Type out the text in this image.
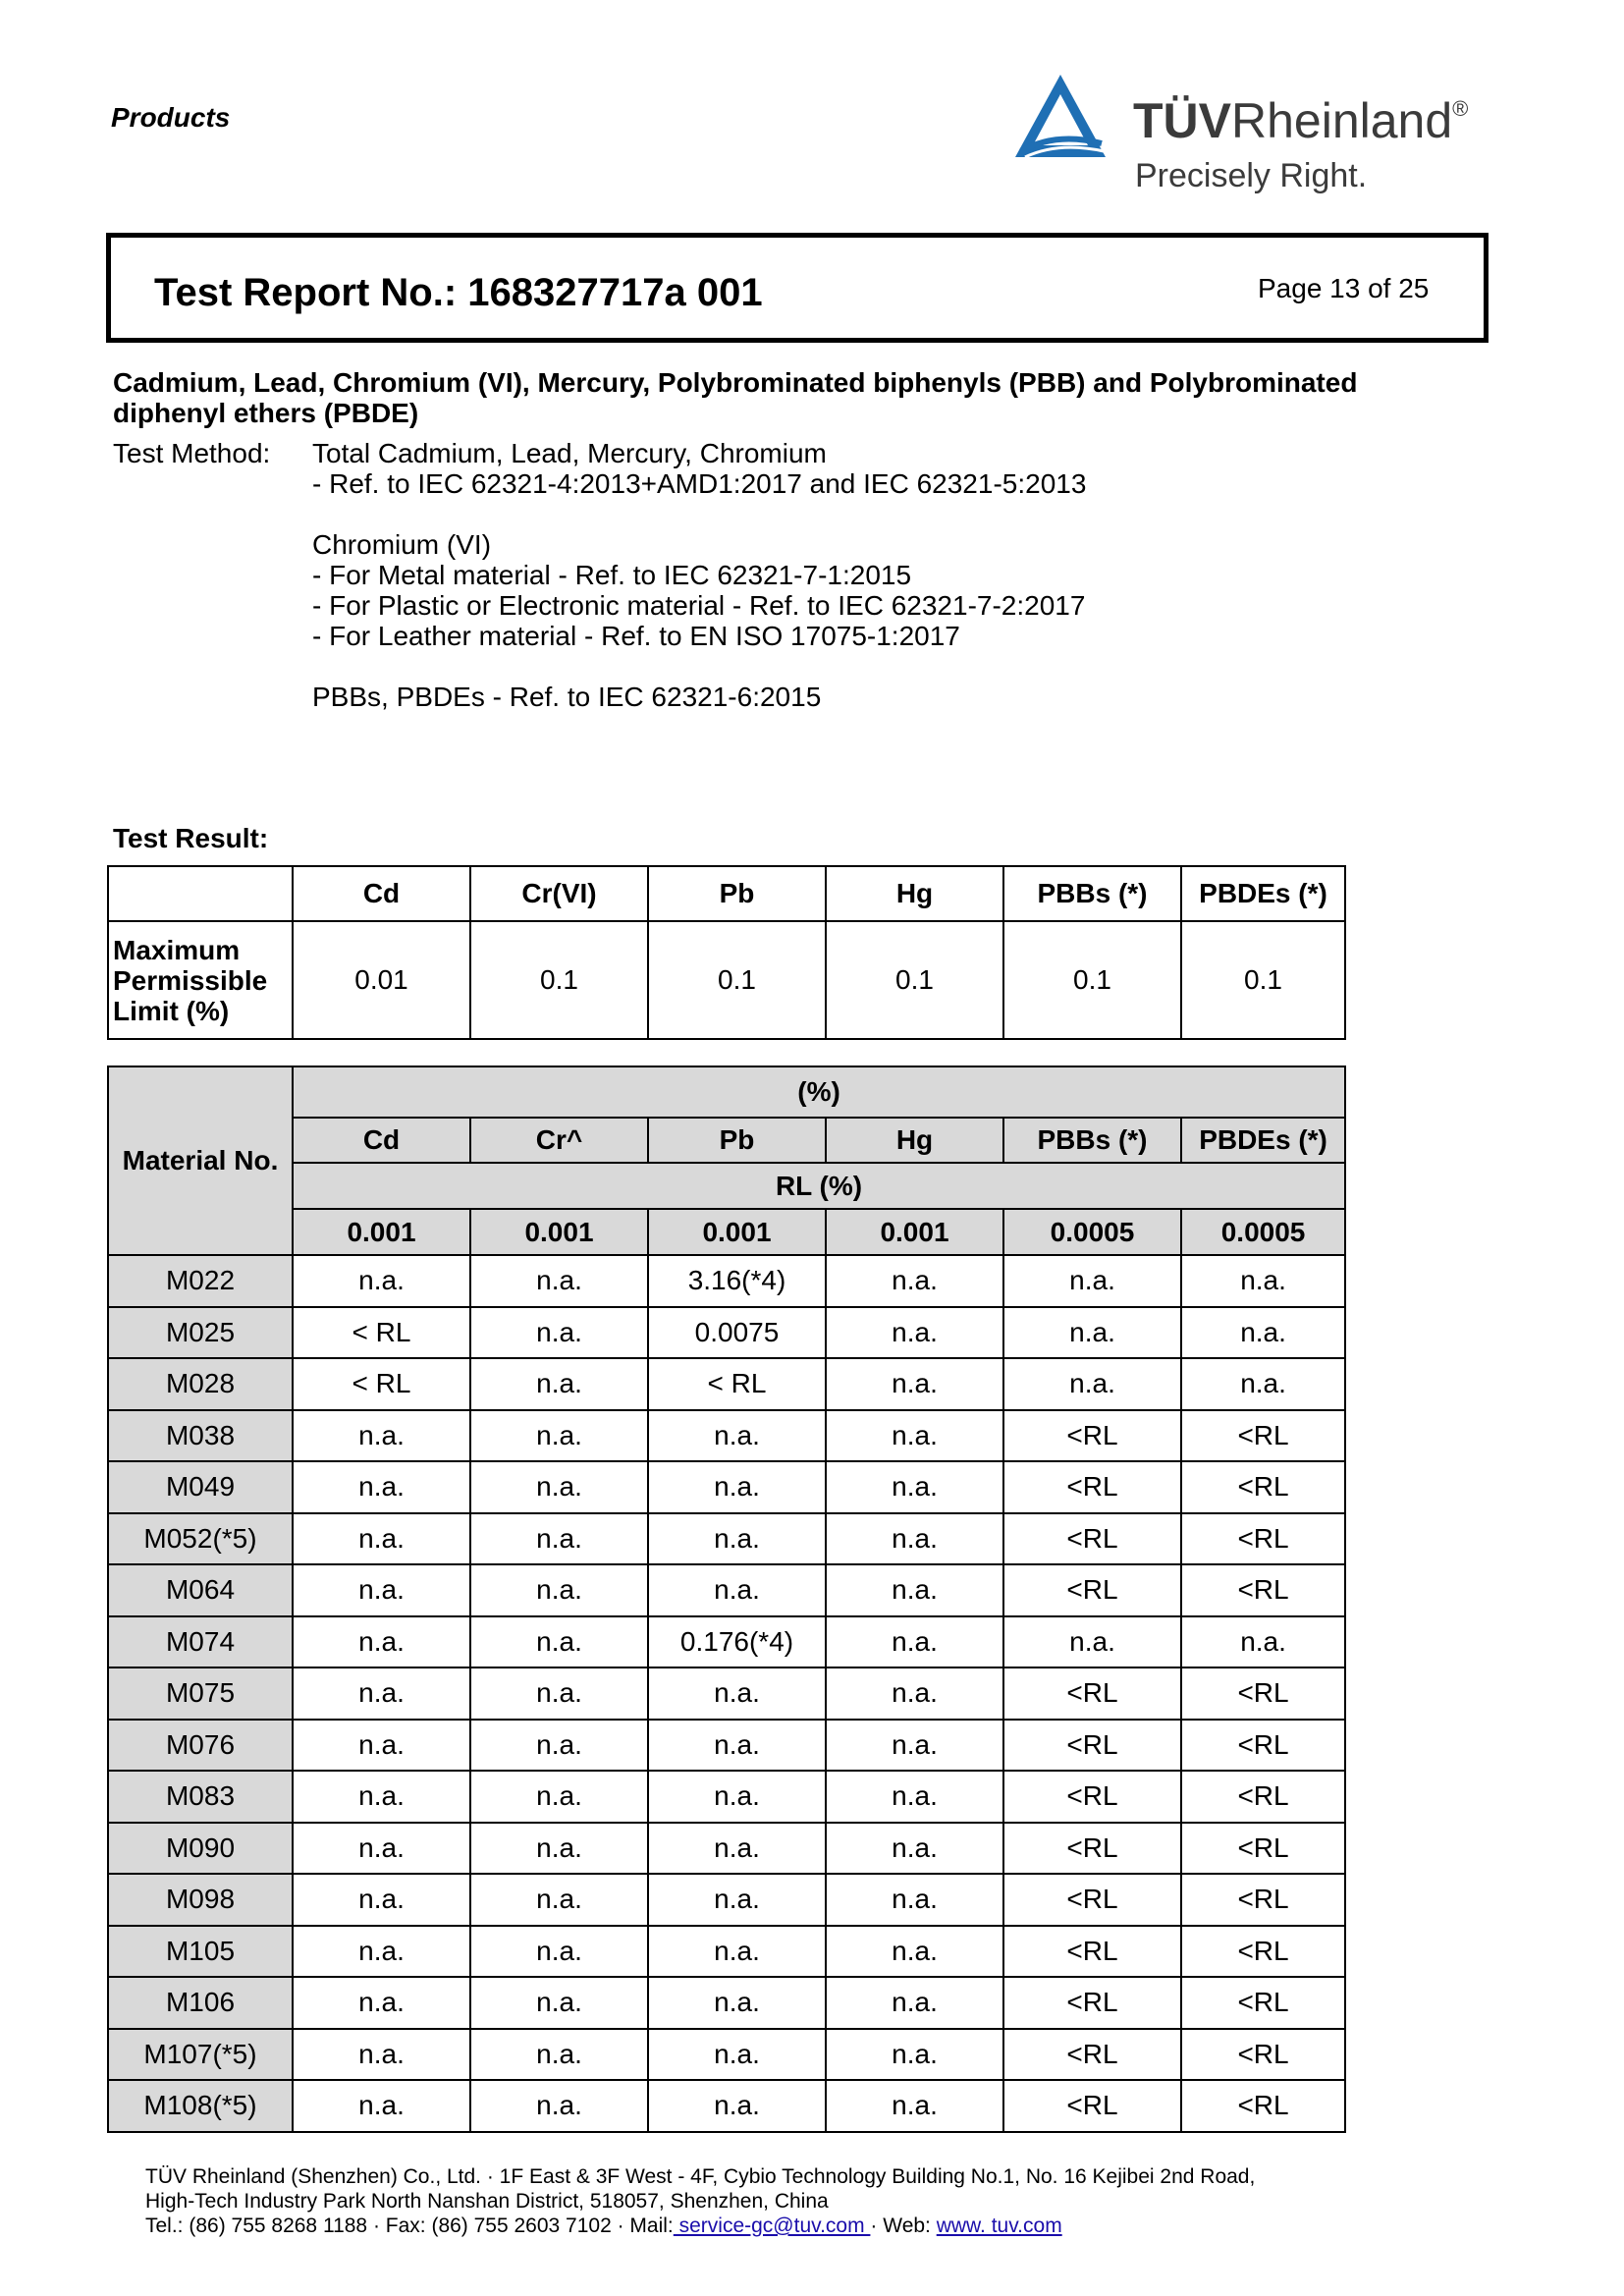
Products	TÜVRheinland®
Precisely Right.
Test Report No.: 168327717a 001	Page 13 of 25
Cadmium, Lead, Chromium (VI), Mercury, Polybrominated biphenyls (PBB) and Polybrominated diphenyl ethers (PBDE)
Test Method: Total Cadmium, Lead, Mercury, Chromium
- Ref. to IEC 62321-4:2013+AMD1:2017 and IEC 62321-5:2013
Chromium (VI)
- For Metal material - Ref. to IEC 62321-7-1:2015
- For Plastic or Electronic material - Ref. to IEC 62321-7-2:2017
- For Leather material - Ref. to EN ISO 17075-1:2017
PBBs, PBDEs - Ref. to IEC 62321-6:2015
Test Result:
	Cd	Cr(VI)	Pb	Hg	PBBs (*)	PBDEs (*)
Maximum Permissible Limit (%)	0.01	0.1	0.1	0.1	0.1	0.1
Material No.	(%)					
	Cd	Cr^	Pb	Hg	PBBs (*)	PBDEs (*)
	RL (%)					
	0.001	0.001	0.001	0.001	0.0005	0.0005
M022	n.a.	n.a.	3.16(*4)	n.a.	n.a.	n.a.
M025	< RL	n.a.	0.0075	n.a.	n.a.	n.a.
M028	< RL	n.a.	< RL	n.a.	n.a.	n.a.
M038	n.a.	n.a.	n.a.	n.a.	<RL	<RL
M049	n.a.	n.a.	n.a.	n.a.	<RL	<RL
M052(*5)	n.a.	n.a.	n.a.	n.a.	<RL	<RL
M064	n.a.	n.a.	n.a.	n.a.	<RL	<RL
M074	n.a.	n.a.	0.176(*4)	n.a.	n.a.	n.a.
M075	n.a.	n.a.	n.a.	n.a.	<RL	<RL
M076	n.a.	n.a.	n.a.	n.a.	<RL	<RL
M083	n.a.	n.a.	n.a.	n.a.	<RL	<RL
M090	n.a.	n.a.	n.a.	n.a.	<RL	<RL
M098	n.a.	n.a.	n.a.	n.a.	<RL	<RL
M105	n.a.	n.a.	n.a.	n.a.	<RL	<RL
M106	n.a.	n.a.	n.a.	n.a.	<RL	<RL
M107(*5)	n.a.	n.a.	n.a.	n.a.	<RL	<RL
M108(*5)	n.a.	n.a.	n.a.	n.a.	<RL	<RL
TÜV Rheinland (Shenzhen) Co., Ltd. · 1F East & 3F West - 4F, Cybio Technology Building No.1, No. 16 Kejibei 2nd Road,
High-Tech Industry Park North Nanshan District, 518057, Shenzhen, China
Tel.: (86) 755 8268 1188 · Fax: (86) 755 2603 7102 · Mail: service-gc@tuv.com · Web: www. tuv.com
